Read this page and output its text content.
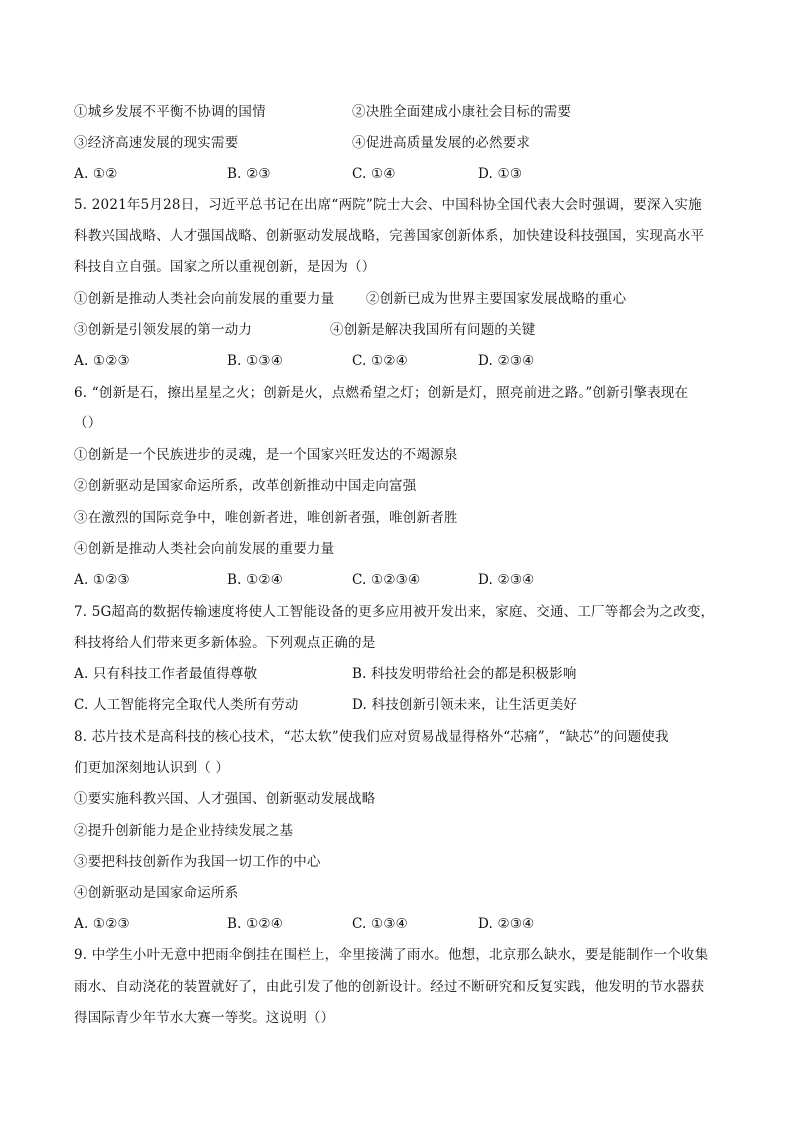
①城乡发展不平衡不协调的国情	②决胜全面建成小康社会目标的需要
③经济高速发展的现实需要	④促进高质量发展的必然要求
A. ①②	B. ②③	C. ①④	D. ①③
5. 2021年5月28日，习近平总书记在出席“两院”院士大会、中国科协全国代表大会时强调，要深入实施
科教兴国战略、人才强国战略、创新驱动发展战略，完善国家创新体系，加快建设科技强国，实现高水平
科技自立自强。国家之所以重视创新，是因为（）
①创新是推动人类社会向前发展的重要力量 ②创新已成为世界主要国家发展战略的重心
③创新是引领发展的第一动力	④创新是解决我国所有问题的关键
A. ①②③	B. ①③④	C. ①②④	D. ②③④
6. “创新是石，擦出星星之火；创新是火，点燃希望之灯；创新是灯，照亮前进之路。”创新引擎表现在
（）
①创新是一个民族进步的灵魂，是一个国家兴旺发达的不竭源泉
②创新驱动是国家命运所系，改革创新推动中国走向富强
③在激烈的国际竞争中，唯创新者进，唯创新者强，唯创新者胜
④创新是推动人类社会向前发展的重要力量
A. ①②③	B. ①②④	C. ①②③④	D. ②③④
7. 5G超高的数据传输速度将使人工智能设备的更多应用被开发出来，家庭、交通、工厂等都会为之改变，
科技将给人们带来更多新体验。下列观点正确的是
A. 只有科技工作者最值得尊敬	B. 科技发明带给社会的都是积极影响
C. 人工智能将完全取代人类所有劳动	D. 科技创新引领未来，让生活更美好
8. 芯片技术是高科技的核心技术，“芯太软”使我们应对贸易战显得格外“芯痛”，“缺芯”的问题使我
们更加深刻地认识到（ ）
①要实施科教兴国、人才强国、创新驱动发展战略
②提升创新能力是企业持续发展之基
③要把科技创新作为我国一切工作的中心
④创新驱动是国家命运所系
A. ①②③	B. ①②④	C. ①③④	D. ②③④
9. 中学生小叶无意中把雨伞倒挂在围栏上，伞里接满了雨水。他想，北京那么缺水，要是能制作一个收集
雨水、自动浇花的装置就好了，由此引发了他的创新设计。经过不断研究和反复实践，他发明的节水器获
得国际青少年节水大赛一等奖。这说明（）
